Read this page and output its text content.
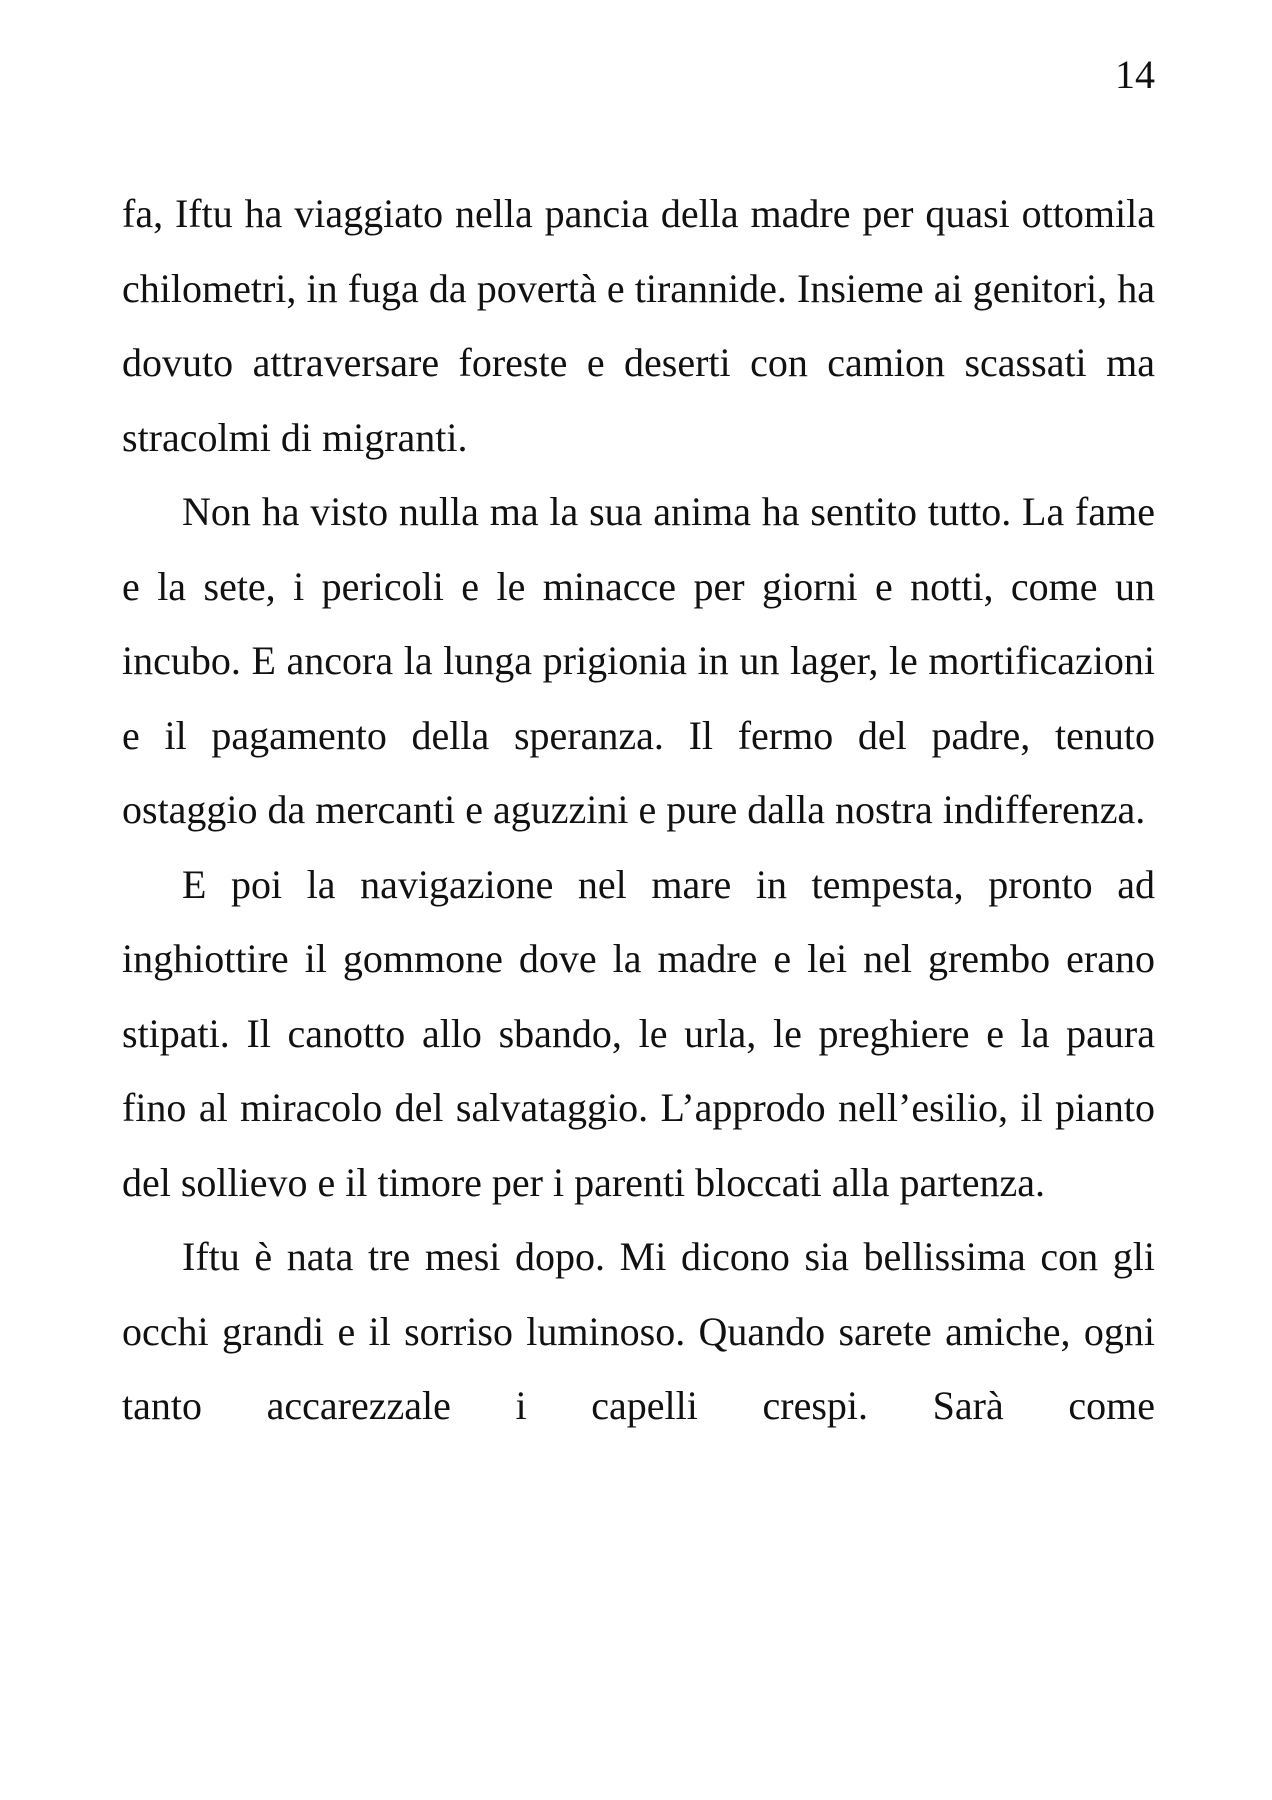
14

fa, Iftu ha viaggiato nella pancia della madre per quasi ottomila chilometri, in fuga da povertà e tirannide. Insieme ai genitori, ha dovuto attraversare foreste e deserti con camion scassati ma stracolmi di migranti.

Non ha visto nulla ma la sua anima ha sentito tutto. La fame e la sete, i pericoli e le minacce per giorni e notti, come un incubo. E ancora la lunga prigionia in un lager, le mortificazioni e il pagamento della speranza. Il fermo del padre, tenuto ostaggio da mercanti e aguzzini e pure dalla nostra indifferenza.

E poi la navigazione nel mare in tempesta, pronto ad inghiottire il gommone dove la madre e lei nel grembo erano stipati. Il canotto allo sbando, le urla, le preghiere e la paura fino al miracolo del salvataggio. L’approdo nell’esilio, il pianto del sollievo e il timore per i parenti bloccati alla partenza.

Iftu è nata tre mesi dopo. Mi dicono sia bellissima con gli occhi grandi e il sorriso luminoso. Quando sarete amiche, ogni tanto accarezzale i capelli crespi. Sarà come
